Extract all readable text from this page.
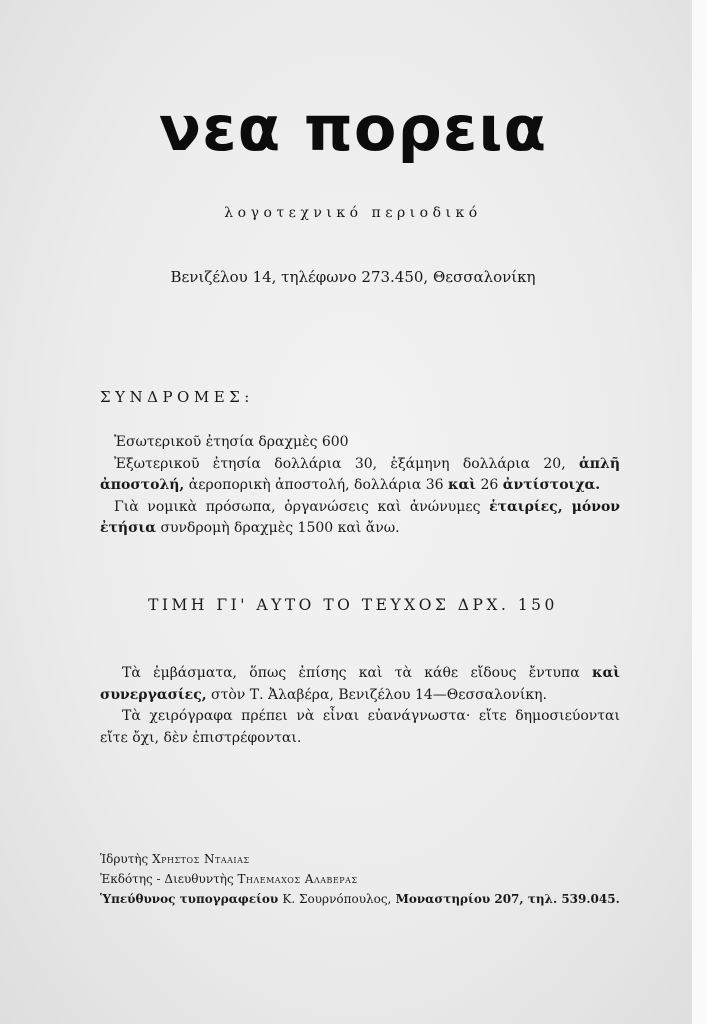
νεα πορεια
λογοτεχνικό περιοδικό
Βενιζέλου 14, τηλέφωνο 273.450, Θεσσαλονίκη
ΣΥΝΔΡΟΜΕΣ:

Ἐσωτερικοῦ ἐτησία δραχμὲς 600

Ἐξωτερικοῦ ἐτησία δολλάρια 30, ἑξάμηνη δολλάρια 20, ἁπλῆ ἀποστολή, ἀεροπορικὴ ἀποστολή, δολλάρια 36 καὶ 26 ἀντίστοιχα.

Γιὰ νομικὰ πρόσωπα, ὀργανώσεις καὶ ἀνώνυμες ἑταιρίες, μόνον ἐτήσια συνδρομὴ δραχμὲς 1500 καὶ ἄνω.

ΤΙΜΗ ΓΙ' ΑΥΤΟ ΤΟ ΤΕΥΧΟΣ ΔΡΧ. 150

Τὰ ἐμβάσματα, ὅπως ἐπίσης καὶ τὰ κάθε εἴδους ἔντυπα καὶ συνεργασίες, στὸν Τ. Ἀλαβέρα, Βενιζέλου 14—Θεσσαλονίκη.

Τὰ χειρόγραφα πρέπει νὰ εἶναι εὐανάγνωστα· εἴτε δημοσιεύονται εἴτε ὄχι, δὲν ἐπιστρέφονται.

Ἱδρυτὴς Χρηστος Ντααιας
Ἐκδότης - Διευθυντὴς Τηλεμαχος Αλαβερας
Ὑπεύθυνος τυπογραφείου Κ. Σουρνόπουλος, Μοναστηρίου 207, τηλ. 539.045.
